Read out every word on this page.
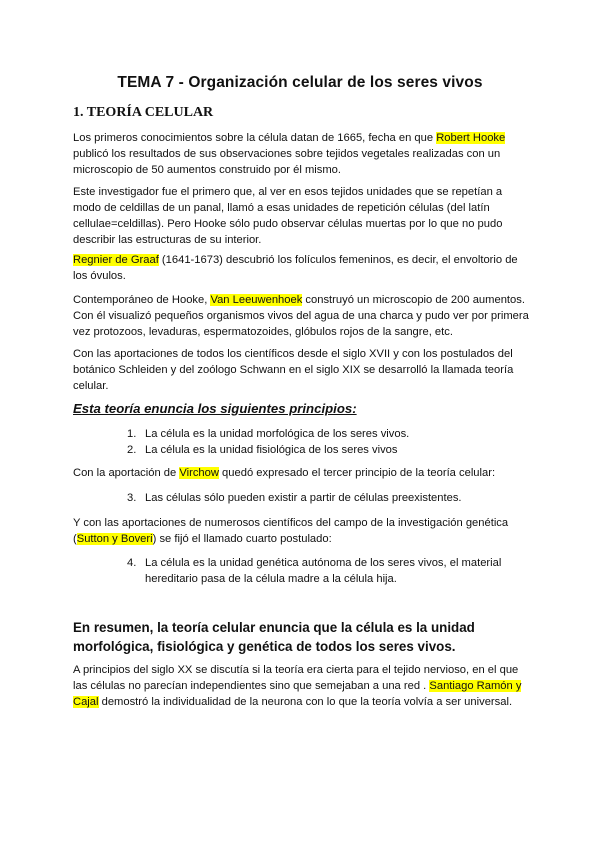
TEMA 7 - Organización celular de los seres vivos
1. TEORÍA CELULAR
Los primeros conocimientos sobre la célula datan de 1665, fecha en que Robert Hooke publicó los resultados de sus observaciones sobre tejidos vegetales realizadas con un microscopio de 50 aumentos construido por él mismo.
Este investigador fue el primero que, al ver en esos tejidos unidades que se repetían a modo de celdillas de un panal, llamó a esas unidades de repetición células (del latín cellulae=celdillas). Pero Hooke sólo pudo observar células muertas por lo que no pudo describir las estructuras de su interior.
Regnier de Graaf (1641-1673) descubrió los folículos femeninos, es decir, el envoltorio de los óvulos.
Contemporáneo de Hooke, Van Leeuwenhoek construyó un microscopio de 200 aumentos. Con él visualizó pequeños organismos vivos del agua de una charca y pudo ver por primera vez protozoos, levaduras, espermatozoides, glóbulos rojos de la sangre, etc.
Con las aportaciones de todos los científicos desde el siglo XVII y con los postulados del botánico Schleiden y del zoólogo Schwann en el siglo XIX se desarrolló la llamada teoría celular.
Esta teoría enuncia los siguientes principios:
1. La célula es la unidad morfológica de los seres vivos.
2. La célula es la unidad fisiológica de los seres vivos
Con la aportación de Virchow quedó expresado el tercer principio de la teoría celular:
3. Las células sólo pueden existir a partir de células preexistentes.
Y con las aportaciones de numerosos científicos del campo de la investigación genética (Sutton y Boveri) se fijó el llamado cuarto postulado:
4. La célula es la unidad genética autónoma de los seres vivos, el material hereditario pasa de la célula madre a la célula hija.
En resumen, la teoría celular enuncia que la célula es la unidad morfológica, fisiológica y genética de todos los seres vivos.
A principios del siglo XX se discutía si la teoría era cierta para el tejido nervioso, en el que las células no parecían independientes sino que semejaban a una red . Santiago Ramón y Cajal demostró la individualidad de la neurona con lo que la teoría volvía a ser universal.
